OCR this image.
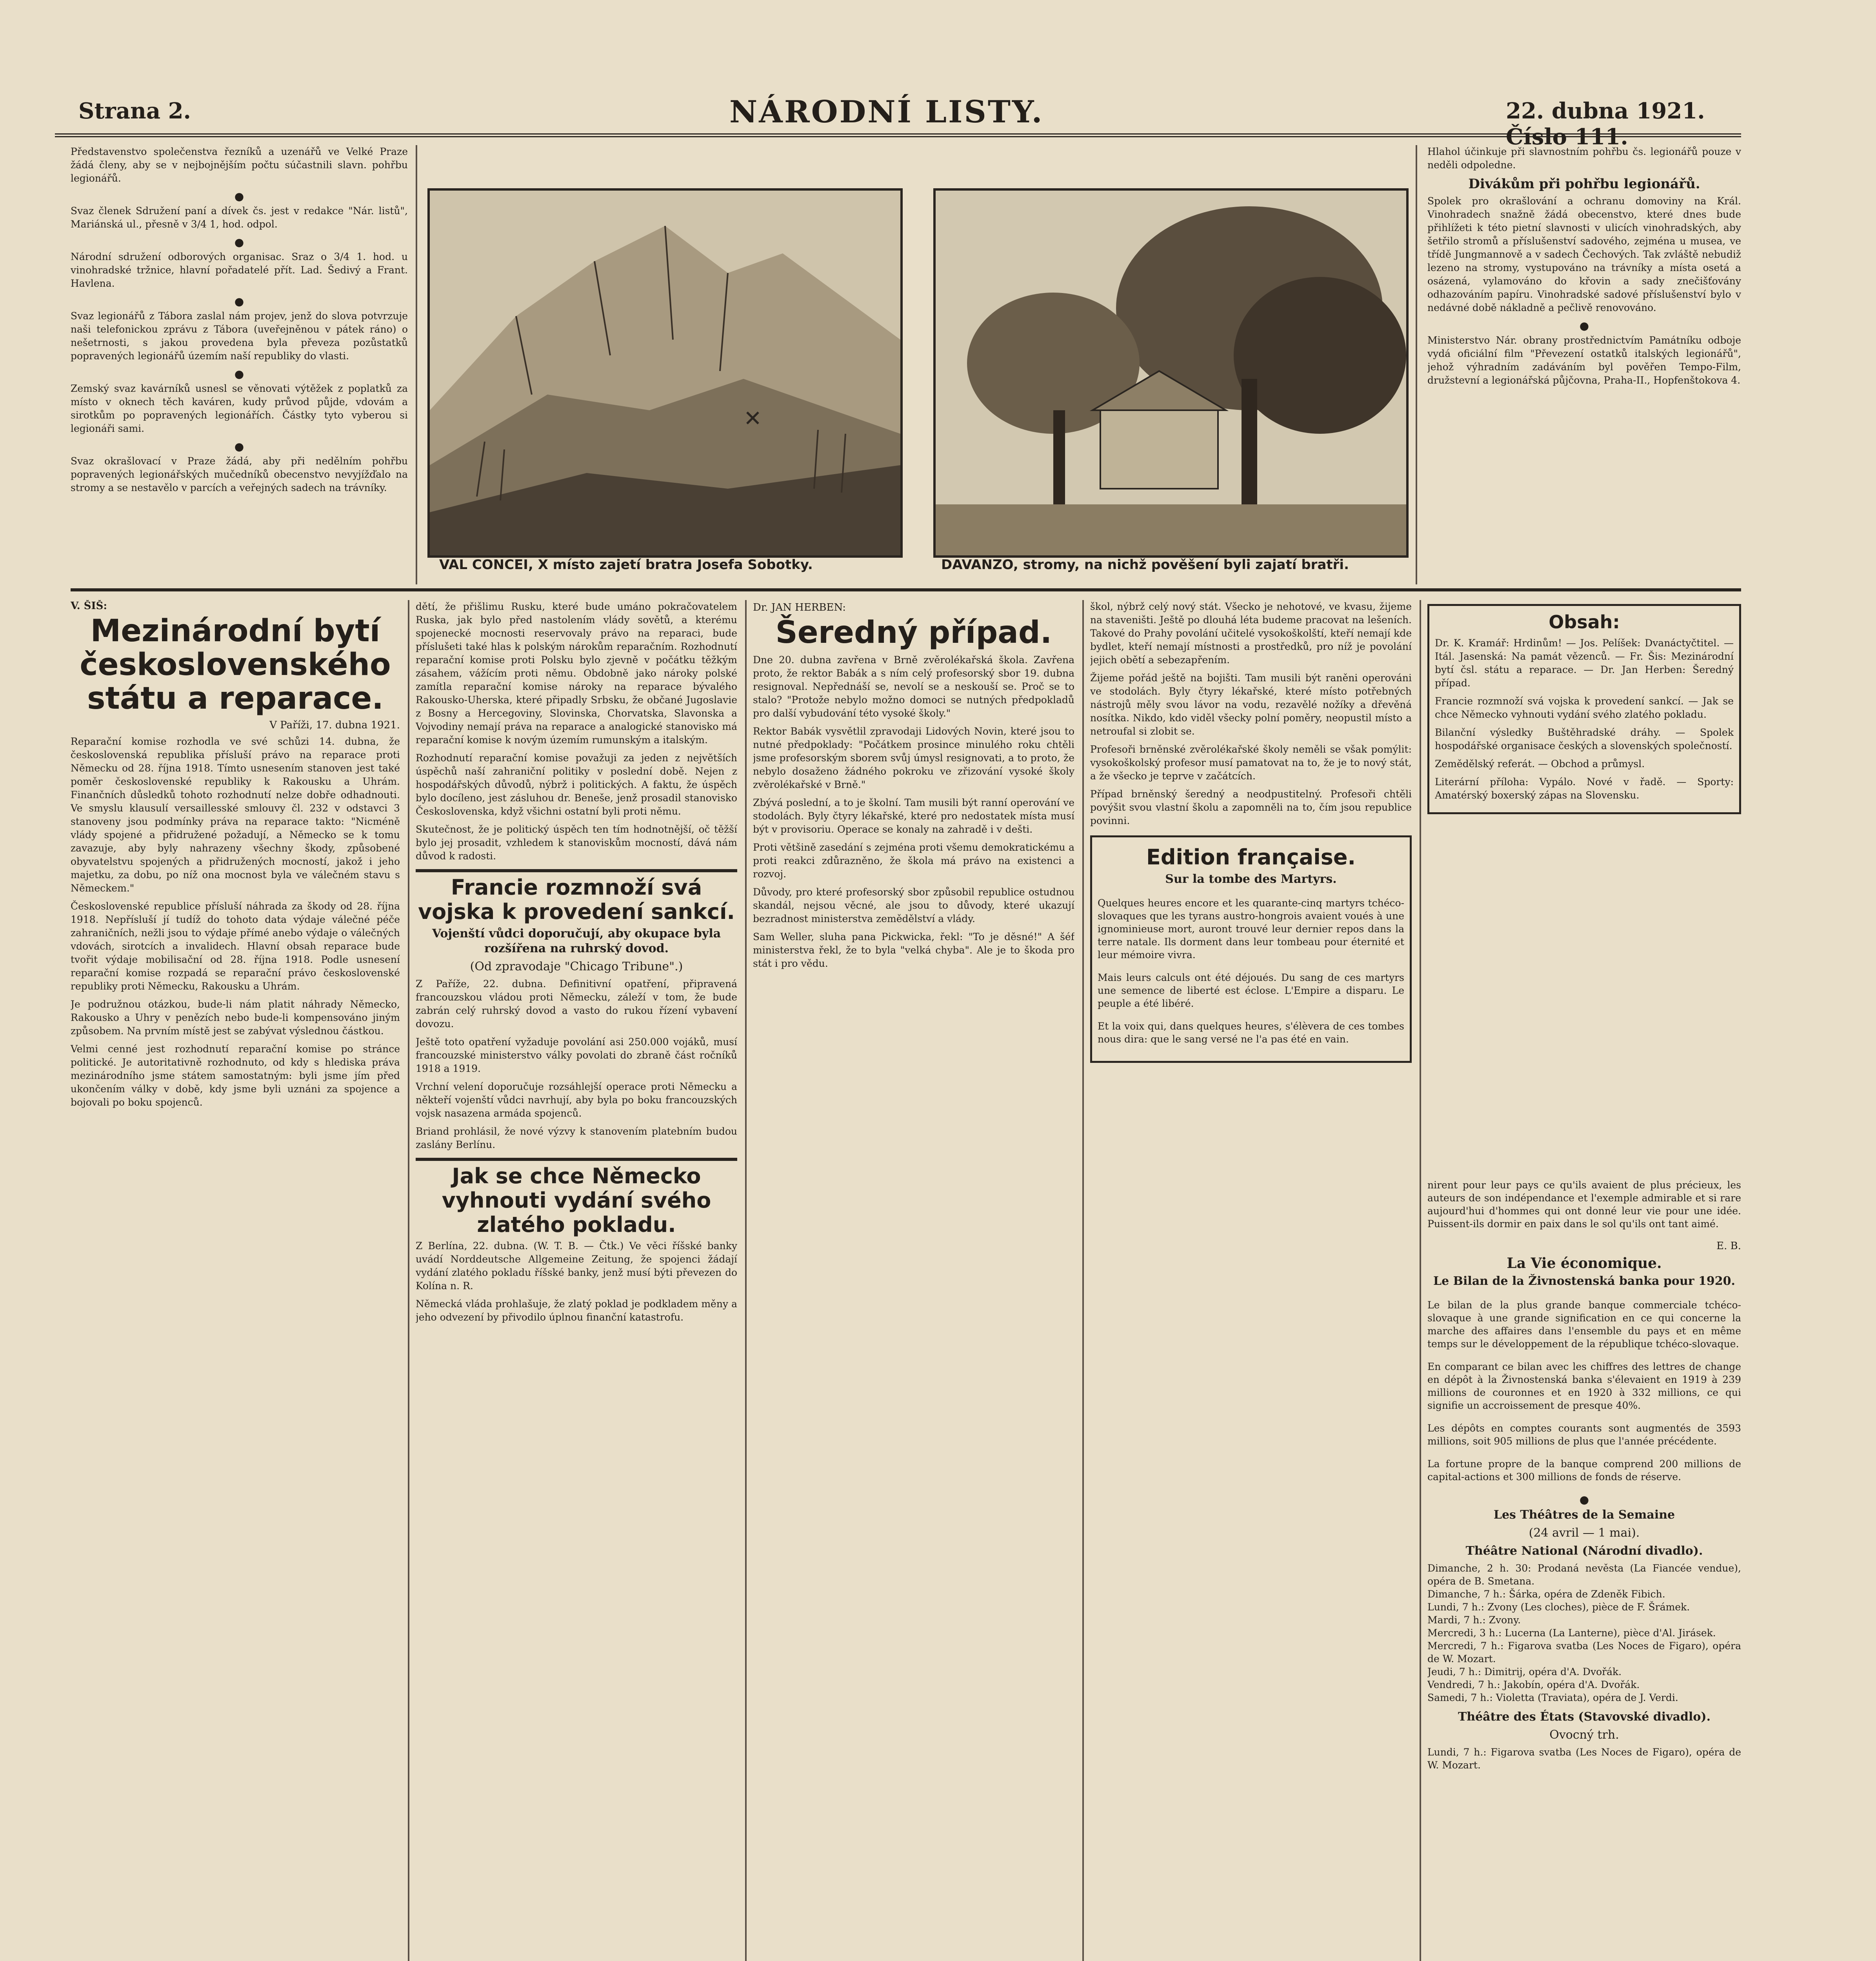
Strana 2.	NÁRODNÍ LISTY.	22. dubna 1921. Číslo 111.

Představenstvo společenstva řezníků a uzenářů ve Velké Praze žádá členy, aby se v nejbojnějším počtu súčastnili slavn. pohřbu legionářů.

●

Svaz členek Sdružení paní a dívek čs. jest v redakce "Nár. listů", Mariánská ul., přesně v 3/4 1, hod. odpol.

●

Národní sdružení odborových organisac. Sraz o 3/4 1. hod. u vinohradské tržnice, hlavní pořadatelé přít. Lad. Šedivý a Frant. Havlena.

●

Svaz legionářů z Tábora zaslal nám projev, jenž do slova potvrzuje naši telefonickou zprávu z Tábora (uveřejněnou v pátek ráno) o nešetrnosti, s jakou provedena byla převeza pozůstatků popravených legionářů územím naší republiky do vlasti.

●

Zemský svaz kavárníků usnesl se věnovati výtěžek z poplatků za místo v oknech těch kaváren, kudy průvod půjde, vdovám a sirotkům po popravených legionářích. Částky tyto vyberou si legionáři sami.

●

Svaz okrašlovací v Praze žádá, aby při nedělním pohřbu popravených legionářských mučedníků obecenstvo nevyjížďalo na stromy a se nestavělo v parcích a veřejných sadech na trávníky.

✕
VAL CONCEI, X místo zajetí bratra Josefa Sobotky.	DAVANZO, stromy, na nichž pověšení byli zajatí bratři.

Hlahol účinkuje při slavnostním pohřbu čs. legionářů pouze v neděli odpoledne.

Divákům při pohřbu legionářů.

Spolek pro okrašlování a ochranu domoviny na Král. Vinohradech snažně žádá obecenstvo, které dnes bude přihlížeti k této pietní slavnosti v ulicích vinohradských, aby šetřilo stromů a příslušenství sadového, zejména u musea, ve třídě Jungmannově a v sadech Čechových. Tak zvláště nebudiž lezeno na stromy, vystupováno na trávníky a místa osetá a osázená, vylamováno do křovin a sady znečišťovány odhazováním papíru. Vinohradské sadové příslušenství bylo v nedávné době nákladně a pečlivě renovováno.

●

Ministerstvo Nár. obrany prostřednictvím Památníku odboje vydá oficiální film "Převezení ostatků italských legionářů", jehož výhradním zadáváním byl pověřen Tempo-Film, družstevní a legionářská půjčovna, Praha-II., Hopfenštokova 4.

V. ŠIŠ:
Mezinárodní bytí československého státu a reparace.
V Paříži, 17. dubna 1921.

Reparační komise rozhodla ve své schůzi 14. dubna, že československá republika přísluší právo na reparace proti Německu od 28. října 1918. Tímto usnesením stanoven jest také poměr československé republiky k Rakousku a Uhrám. Finančních důsledků tohoto rozhodnutí nelze dobře odhadnouti. Ve smyslu klausulí versaillesské smlouvy čl. 232 v odstavci 3 stanoveny jsou podmínky práva na reparace takto: "Nicméně vlády spojené a přidružené požadují, a Německo se k tomu zavazuje, aby byly nahrazeny všechny škody, způsobené obyvatelstvu spojených a přidružených mocností, jakož i jeho majetku, za dobu, po níž ona mocnost byla ve válečném stavu s Německem."

Československé republice přísluší náhrada za škody od 28. října 1918. Nepřísluší jí tudíž do tohoto data výdaje válečné péče zahraničních, nežli jsou to výdaje přímé anebo výdaje o válečných vdovách, sirotcích a invalidech. Hlavní obsah reparace bude tvořit výdaje mobilisační od 28. října 1918. Podle usnesení reparační komise rozpadá se reparační právo československé republiky proti Německu, Rakousku a Uhrám.

Je podružnou otázkou, bude-li nám platit náhrady Německo, Rakousko a Uhry v penězích nebo bude-li kompensováno jiným způsobem. Na prvním místě jest se zabývat výslednou částkou.

Velmi cenné jest rozhodnutí reparační komise po stránce politické. Je autoritativně rozhodnuto, od kdy s hlediska práva mezinárodního jsme státem samostatným: byli jsme jím před ukončením války v době, kdy jsme byli uznáni za spojence a bojovali po boku spojenců.

dětí, že přišlimu Rusku, které bude umáno pokračovatelem Ruska, jak bylo před nastolením vlády sovětů, a kterému spojenecké mocnosti reservovaly právo na reparaci, bude příslušeti také hlas k polským nárokům reparačním. Rozhodnutí reparační komise proti Polsku bylo zjevně v počátku těžkým zásahem, vážícím proti němu. Obdobně jako nároky polské zamítla reparační komise nároky na reparace bývalého Rakousko-Uherska, které připadly Srbsku, že občané Jugoslavie z Bosny a Hercegoviny, Slovinska, Chorvatska, Slavonska a Vojvodiny nemají práva na reparace a analogické stanovisko má reparační komise k novým územím rumunským a italským.

Rozhodnutí reparační komise považuji za jeden z největších úspěchů naší zahraniční politiky v poslední době. Nejen z hospodářských důvodů, nýbrž i politických. A faktu, že úspěch bylo docíleno, jest zásluhou dr. Beneše, jenž prosadil stanovisko Československa, když všichni ostatní byli proti němu.

Skutečnost, že je politický úspěch ten tím hodnotnější, oč těžší bylo jej prosadit, vzhledem k stanoviskům mocností, dává nám důvod k radosti.

Francie rozmnoží svá vojska k provedení sankcí.
Vojenští vůdci doporučují, aby okupace byla rozšířena na ruhrský dovod.
(Od zpravodaje "Chicago Tribune".)

Z Paříže, 22. dubna. Definitivní opatření, připravená francouzskou vládou proti Německu, záleží v tom, že bude zabrán celý ruhrský dovod a vasto do rukou řízení vybavení dovozu.

Ještě toto opatření vyžaduje povolání asi 250.000 vojáků, musí francouzské ministerstvo války povolati do zbraně část ročníků 1918 a 1919.

Vrchní velení doporučuje rozsáhlejší operace proti Německu a někteří vojenští vůdci navrhují, aby byla po boku francouzských vojsk nasazena armáda spojenců.

Briand prohlásil, že nové výzvy k stanovením platebním budou zaslány Berlínu.

Jak se chce Německo vyhnouti vydání svého zlatého pokladu.

Z Berlína, 22. dubna. (W. T. B. — Čtk.) Ve věci říšské banky uvádí Norddeutsche Allgemeine Zeitung, že spojenci žádají vydání zlatého pokladu říšské banky, jenž musí býti převezen do Kolína n. R.

Německá vláda prohlašuje, že zlatý poklad je podkladem měny a jeho odvezení by přivodilo úplnou finanční katastrofu.

Dr. JAN HERBEN:
Šeredný případ.

Dne 20. dubna zavřena v Brně zvěrolékařská škola. Zavřena proto, že rektor Babák a s ním celý profesorský sbor 19. dubna resignoval. Nepřednáší se, nevolí se a neskouší se. Proč se to stalo? "Protože nebylo možno domoci se nutných předpokladů pro další vybudování této vysoké školy."

Rektor Babák vysvětlil zpravodaji Lidových Novin, které jsou to nutné předpoklady: "Počátkem prosince minulého roku chtěli jsme profesorským sborem svůj úmysl resignovati, a to proto, že nebylo dosaženo žádného pokroku ve zřizování vysoké školy zvěrolékařské v Brně."

Zbývá poslední, a to je školní. Tam musili být ranní operování ve stodolách. Byly čtyry lékařské, které pro nedostatek místa musí být v provisoriu. Operace se konaly na zahradě i v dešti.

Proti většině zasedání s zejména proti všemu demokratickému a proti reakci zdůrazněno, že škola má právo na existenci a rozvoj.

Důvody, pro které profesorský sbor způsobil republice ostudnou skandál, nejsou věcné, ale jsou to důvody, které ukazují bezradnost ministerstva zemědělství a vlády.

Sam Weller, sluha pana Pickwicka, řekl: "To je děsné!" A šéf ministerstva řekl, že to byla "velká chyba". Ale je to škoda pro stát i pro vědu.

škol, nýbrž celý nový stát. Všecko je nehotové, ve kvasu, žijeme na staveništi. Ještě po dlouhá léta budeme pracovat na lešeních. Takové do Prahy povolání učitelé vysokoškolští, kteří nemají kde bydlet, kteří nemají místnosti a prostředků, pro níž je povolání jejich obětí a sebezapřením.

Žijeme pořád ještě na bojišti. Tam musili být raněni operováni ve stodolách. Byly čtyry lékařské, které místo potřebných nástrojů měly svou lávor na vodu, rezavělé nožíky a dřevěná nosítka. Nikdo, kdo viděl všecky polní poměry, neopustil místo a netroufal si zlobit se.

Profesoři brněnské zvěrolékařské školy neměli se však pomýlit: vysokoškolský profesor musí pamatovat na to, že je to nový stát, a že všecko je teprve v začátcích.

Případ brněnský šeredný a neodpustitelný. Profesoři chtěli povýšit svou vlastní školu a zapomněli na to, čím jsou republice povinni.

Edition française.
Sur la tombe des Martyrs.

Quelques heures encore et les quarante-cinq martyrs tchéco-slovaques que les tyrans austro-hongrois avaient voués à une ignominieuse mort, auront trouvé leur dernier repos dans la terre natale. Ils dorment dans leur tombeau pour éternité et leur mémoire vivra.

Mais leurs calculs ont été déjoués. Du sang de ces martyrs une semence de liberté est éclose. L'Empire a disparu. Le peuple a été libéré.

Et la voix qui, dans quelques heures, s'élèvera de ces tombes nous dira: que le sang versé ne l'a pas été en vain.

Obsah:

Dr. K. Kramář: Hrdinům! — Jos. Pelíšek: Dvanáctyčtitel. — Itál. Jasenská: Na památ vězenců. — Fr. Šis: Mezinárodní bytí čsl. státu a reparace. — Dr. Jan Herben: Šeredný případ.

Francie rozmnoží svá vojska k provedení sankcí. — Jak se chce Německo vyhnouti vydání svého zlatého pokladu.

Bilanční výsledky Buštěhradské dráhy. — Spolek hospodářské organisace českých a slovenských společností.

Zemědělský referát. — Obchod a průmysl.

Literární příloha: Vypálo. Nové v řadě. — Sporty: Amatérský boxerský zápas na Slovensku.

nirent pour leur pays ce qu'ils avaient de plus précieux, les auteurs de son indépendance et l'exemple admirable et si rare aujourd'hui d'hommes qui ont donné leur vie pour une idée. Puissent-ils dormir en paix dans le sol qu'ils ont tant aimé.

E. B.
La Vie économique.
Le Bilan de la Živnostenská banka pour 1920.

Le bilan de la plus grande banque commerciale tchéco-slovaque à une grande signification en ce qui concerne la marche des affaires dans l'ensemble du pays et en même temps sur le développement de la république tchéco-slovaque.

En comparant ce bilan avec les chiffres des lettres de change en dépôt à la Živnostenská banka s'élevaient en 1919 à 239 millions de couronnes et en 1920 à 332 millions, ce qui signifie un accroissement de presque 40%.

Les dépôts en comptes courants sont augmentés de 3593 millions, soit 905 millions de plus que l'année précédente.

La fortune propre de la banque comprend 200 millions de capital-actions et 300 millions de fonds de réserve.

●
Les Théâtres de la Semaine
(24 avril — 1 mai).
Théâtre National (Národní divadlo).
Dimanche, 2 h. 30: Prodaná nevěsta (La Fiancée vendue), opéra de B. Smetana.
Dimanche, 7 h.: Šárka, opéra de Zdeněk Fibich.
Lundi, 7 h.: Zvony (Les cloches), pièce de F. Šrámek.
Mardi, 7 h.: Zvony.
Mercredi, 3 h.: Lucerna (La Lanterne), pièce d'Al. Jirásek.
Mercredi, 7 h.: Figarova svatba (Les Noces de Figaro), opéra de W. Mozart.
Jeudi, 7 h.: Dimitrij, opéra d'A. Dvořák.
Vendredi, 7 h.: Jakobín, opéra d'A. Dvořák.
Samedi, 7 h.: Violetta (Traviata), opéra de J. Verdi.
Théâtre des États (Stavovské divadlo).
Ovocný trh.
Lundi, 7 h.: Figarova svatba (Les Noces de Figaro), opéra de W. Mozart.
